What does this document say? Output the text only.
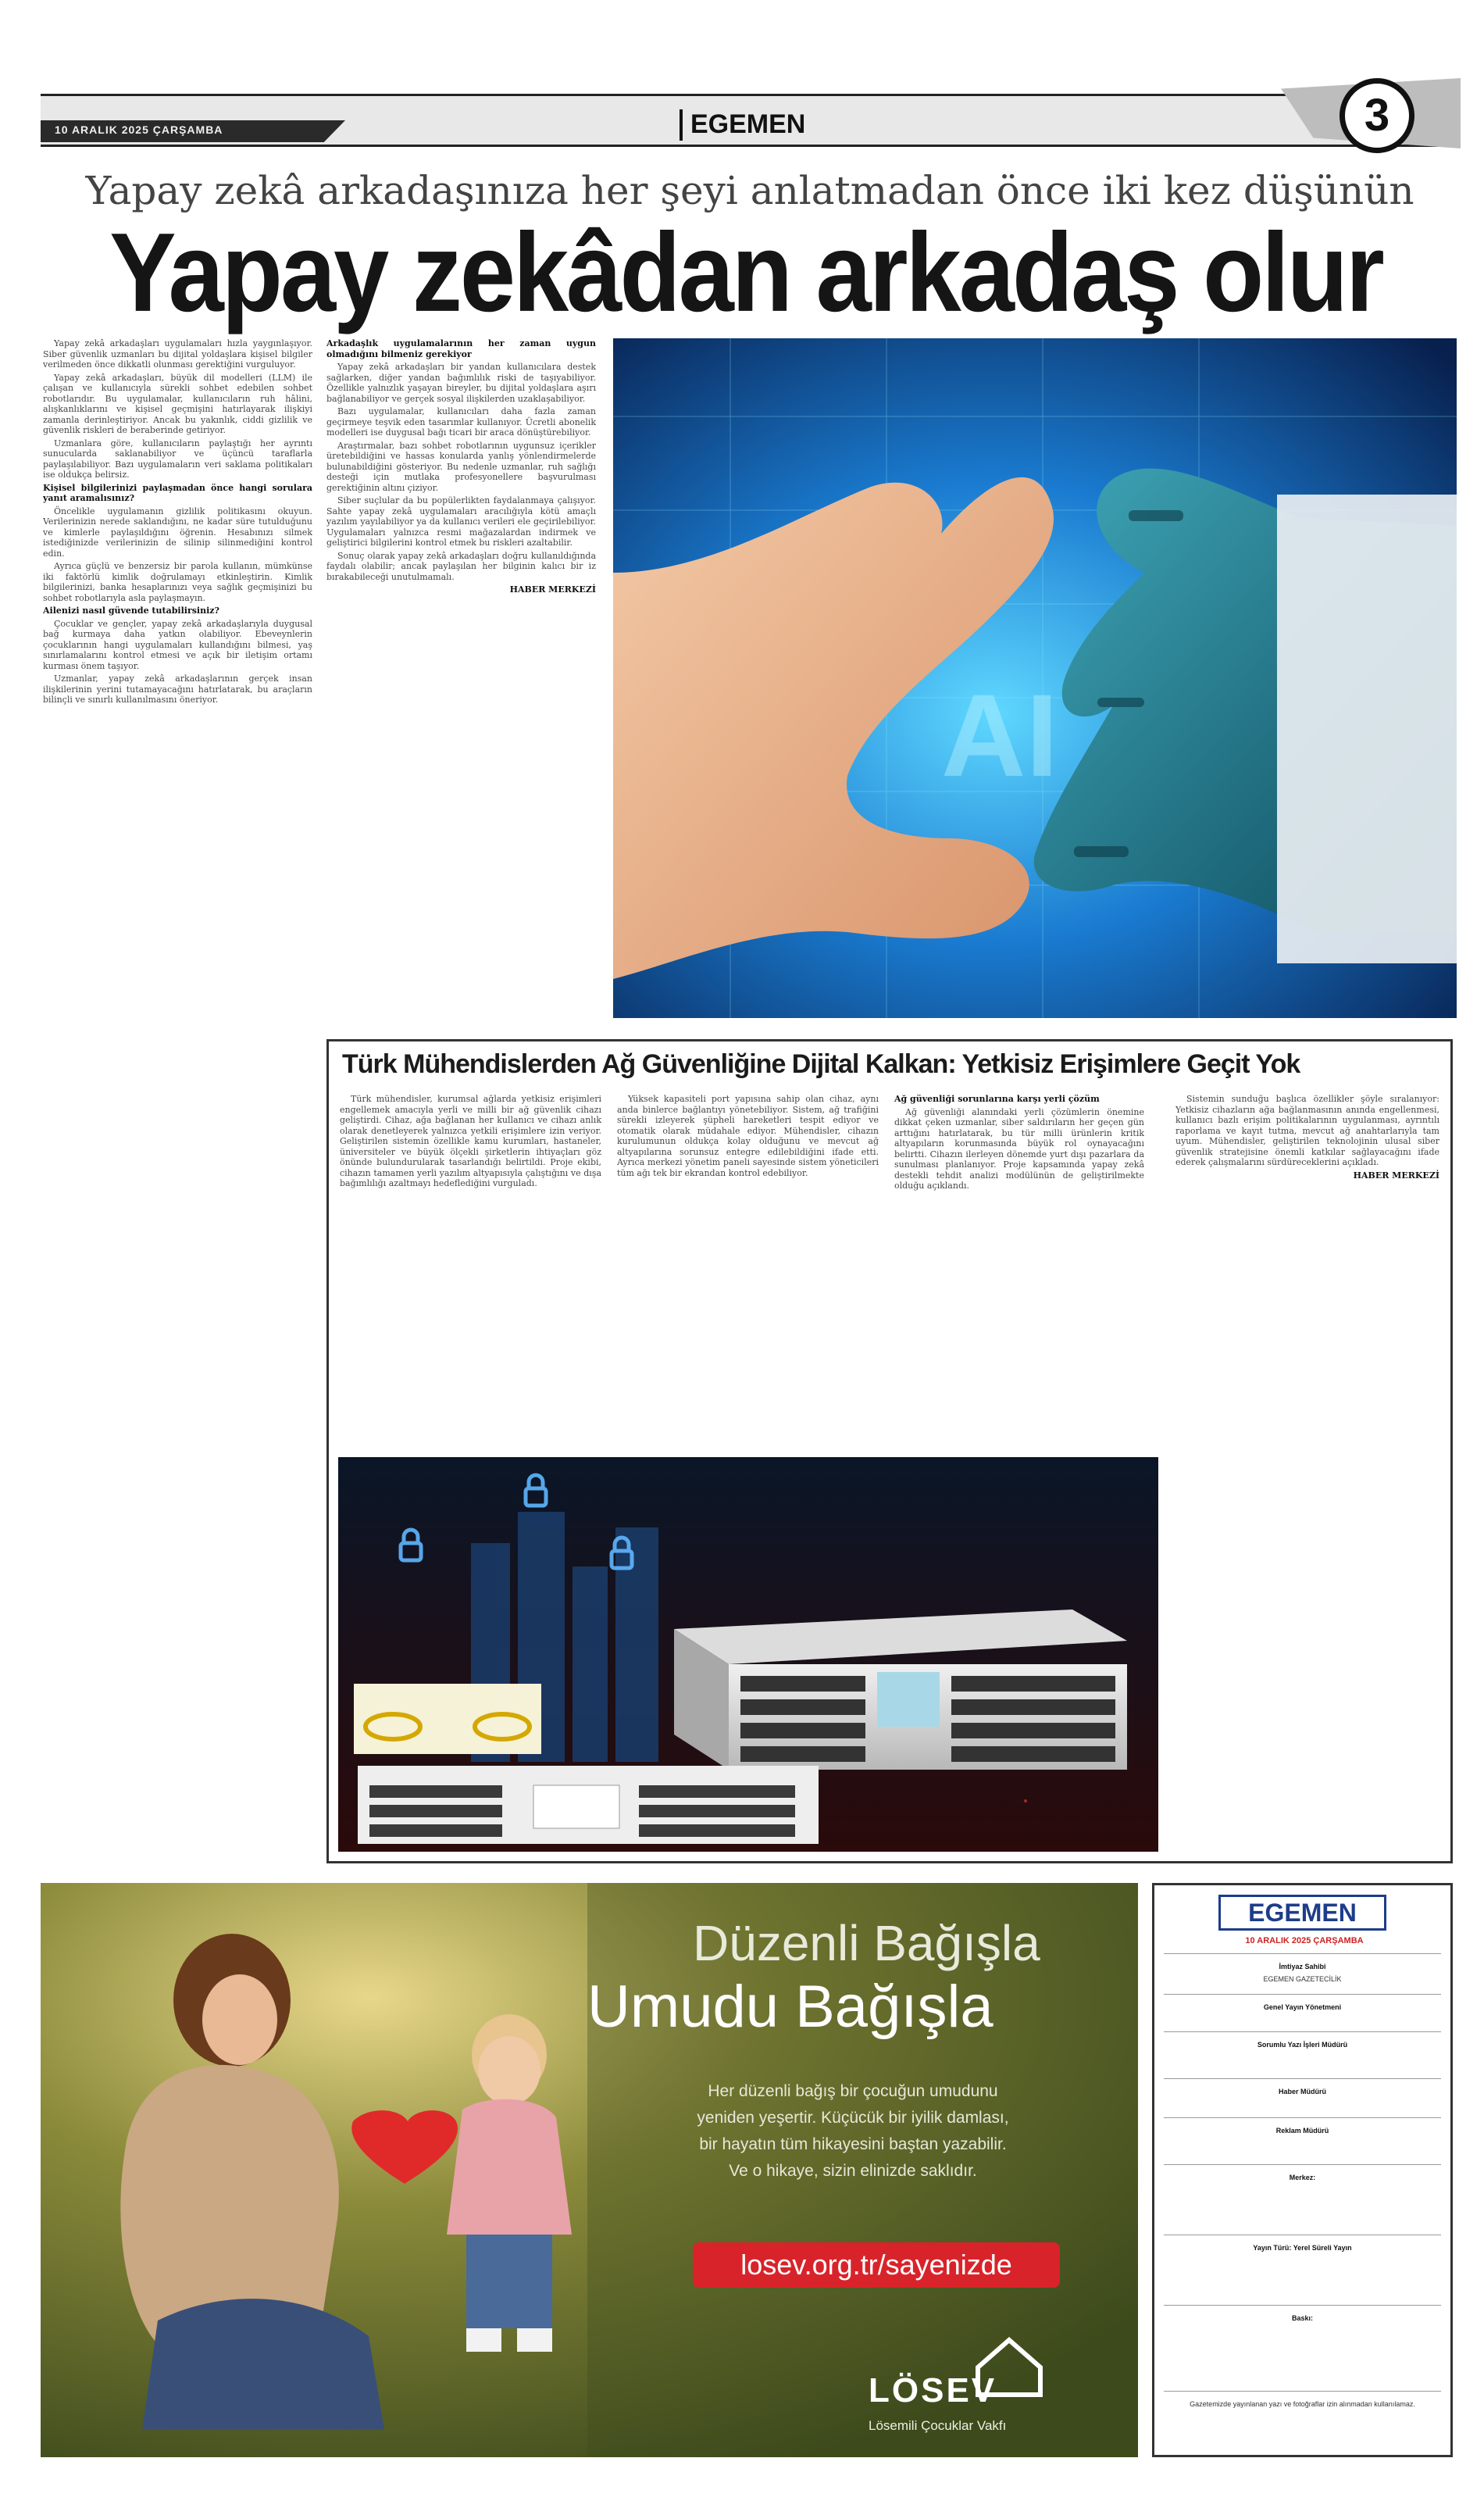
10 ARALIK 2025 ÇARŞAMBA	EGEMEN	3
Yapay zekâ arkadaşınıza her şeyi anlatmadan önce iki kez düşünün
Yapay zekâdan arkadaş olur

Yapay zekâ arkadaşları uygulamaları hızla yaygınlaşıyor. Siber güvenlik uzmanları bu dijital yoldaşlara kişisel bilgiler verilmeden önce dikkatli olunması gerektiğini vurguluyor.

Yapay zekâ arkadaşları, büyük dil modelleri (LLM) ile çalışan ve kullanıcıyla sürekli sohbet edebilen sohbet robotlarıdır. Bu uygulamalar, kullanıcıların ruh hâlini, alışkanlıklarını ve kişisel geçmişini hatırlayarak ilişkiyi zamanla derinleştiriyor. Ancak bu yakınlık, ciddi gizlilik ve güvenlik riskleri de beraberinde getiriyor.

Uzmanlara göre, kullanıcıların paylaştığı her ayrıntı sunucularda saklanabiliyor ve üçüncü taraflarla paylaşılabiliyor. Bazı uygulamaların veri saklama politikaları ise oldukça belirsiz.

Kişisel bilgilerinizi paylaşmadan önce hangi sorulara yanıt aramalısınız?

Öncelikle uygulamanın gizlilik politikasını okuyun. Verilerinizin nerede saklandığını, ne kadar süre tutulduğunu ve kimlerle paylaşıldığını öğrenin. Hesabınızı silmek istediğinizde verilerinizin de silinip silinmediğini kontrol edin.

Ayrıca güçlü ve benzersiz bir parola kullanın, mümkünse iki faktörlü kimlik doğrulamayı etkinleştirin. Kimlik bilgilerinizi, banka hesaplarınızı veya sağlık geçmişinizi bu sohbet robotlarıyla asla paylaşmayın.

Ailenizi nasıl güvende tutabilirsiniz?

Çocuklar ve gençler, yapay zekâ arkadaşlarıyla duygusal bağ kurmaya daha yatkın olabiliyor. Ebeveynlerin çocuklarının hangi uygulamaları kullandığını bilmesi, yaş sınırlamalarını kontrol etmesi ve açık bir iletişim ortamı kurması önem taşıyor.

Uzmanlar, yapay zekâ arkadaşlarının gerçek insan ilişkilerinin yerini tutamayacağını hatırlatarak, bu araçların bilinçli ve sınırlı kullanılmasını öneriyor.

Arkadaşlık uygulamalarının her zaman uygun olmadığını bilmeniz gerekiyor

Yapay zekâ arkadaşları bir yandan kullanıcılara destek sağlarken, diğer yandan bağımlılık riski de taşıyabiliyor. Özellikle yalnızlık yaşayan bireyler, bu dijital yoldaşlara aşırı bağlanabiliyor ve gerçek sosyal ilişkilerden uzaklaşabiliyor.

Bazı uygulamalar, kullanıcıları daha fazla zaman geçirmeye teşvik eden tasarımlar kullanıyor. Ücretli abonelik modelleri ise duygusal bağı ticari bir araca dönüştürebiliyor.

Araştırmalar, bazı sohbet robotlarının uygunsuz içerikler üretebildiğini ve hassas konularda yanlış yönlendirmelerde bulunabildiğini gösteriyor. Bu nedenle uzmanlar, ruh sağlığı desteği için mutlaka profesyonellere başvurulması gerektiğinin altını çiziyor.

Siber suçlular da bu popülerlikten faydalanmaya çalışıyor. Sahte yapay zekâ uygulamaları aracılığıyla kötü amaçlı yazılım yayılabiliyor ya da kullanıcı verileri ele geçirilebiliyor. Uygulamaları yalnızca resmi mağazalardan indirmek ve geliştirici bilgilerini kontrol etmek bu riskleri azaltabilir.

Sonuç olarak yapay zekâ arkadaşları doğru kullanıldığında faydalı olabilir; ancak paylaşılan her bilginin kalıcı bir iz bırakabileceği unutulmamalı.

HABER MERKEZİ

AI
Türk Mühendislerden Ağ Güvenliğine Dijital Kalkan: Yetkisiz Erişimlere Geçit Yok

Türk mühendisler, kurumsal ağlarda yetkisiz erişimleri engellemek amacıyla yerli ve milli bir ağ güvenlik cihazı geliştirdi. Cihaz, ağa bağlanan her kullanıcı ve cihazı anlık olarak denetleyerek yalnızca yetkili erişimlere izin veriyor. Geliştirilen sistemin özellikle kamu kurumları, hastaneler, üniversiteler ve büyük ölçekli şirketlerin ihtiyaçları göz önünde bulundurularak tasarlandığı belirtildi. Proje ekibi, cihazın tamamen yerli yazılım altyapısıyla çalıştığını ve dışa bağımlılığı azaltmayı hedeflediğini vurguladı.

Yüksek kapasiteli port yapısına sahip olan cihaz, aynı anda binlerce bağlantıyı yönetebiliyor. Sistem, ağ trafiğini sürekli izleyerek şüpheli hareketleri tespit ediyor ve otomatik olarak müdahale ediyor. Mühendisler, cihazın kurulumunun oldukça kolay olduğunu ve mevcut ağ altyapılarına sorunsuz entegre edilebildiğini ifade etti. Ayrıca merkezi yönetim paneli sayesinde sistem yöneticileri tüm ağı tek bir ekrandan kontrol edebiliyor.

Ağ güvenliği sorunlarına karşı yerli çözüm

Ağ güvenliği alanındaki yerli çözümlerin önemine dikkat çeken uzmanlar, siber saldırıların her geçen gün arttığını hatırlatarak, bu tür milli ürünlerin kritik altyapıların korunmasında büyük rol oynayacağını belirtti. Cihazın ilerleyen dönemde yurt dışı pazarlara da sunulması planlanıyor. Proje kapsamında yapay zekâ destekli tehdit analizi modülünün de geliştirilmekte olduğu açıklandı.

Sistemin sunduğu başlıca özellikler şöyle sıralanıyor: Yetkisiz cihazların ağa bağlanmasının anında engellenmesi, kullanıcı bazlı erişim politikalarının uygulanması, ayrıntılı raporlama ve kayıt tutma, mevcut ağ anahtarlarıyla tam uyum. Mühendisler, geliştirilen teknolojinin ulusal siber güvenlik stratejisine önemli katkılar sağlayacağını ifade ederek çalışmalarını sürdüreceklerini açıkladı.

HABER MERKEZİ

Düzenli Bağışla
Umudu Bağışla
Her düzenli bağış bir çocuğun umudunu
yeniden yeşertir. Küçücük bir iyilik damlası,
bir hayatın tüm hikayesini baştan yazabilir.
Ve o hikaye, sizin elinizde saklıdır.
losev.org.tr/sayenizde
LÖSEV
Lösemili Çocuklar Vakfı
EGEMEN
10 ARALIK 2025 ÇARŞAMBA
İmtiyaz Sahibi
EGEMEN GAZETECİLİK
Genel Yayın Yönetmeni
Sorumlu Yazı İşleri Müdürü
Haber Müdürü
Reklam Müdürü
Merkez:
Yayın Türü: Yerel Süreli Yayın
Baskı:
Gazetemizde yayınlanan yazı ve fotoğraflar izin alınmadan kullanılamaz.
